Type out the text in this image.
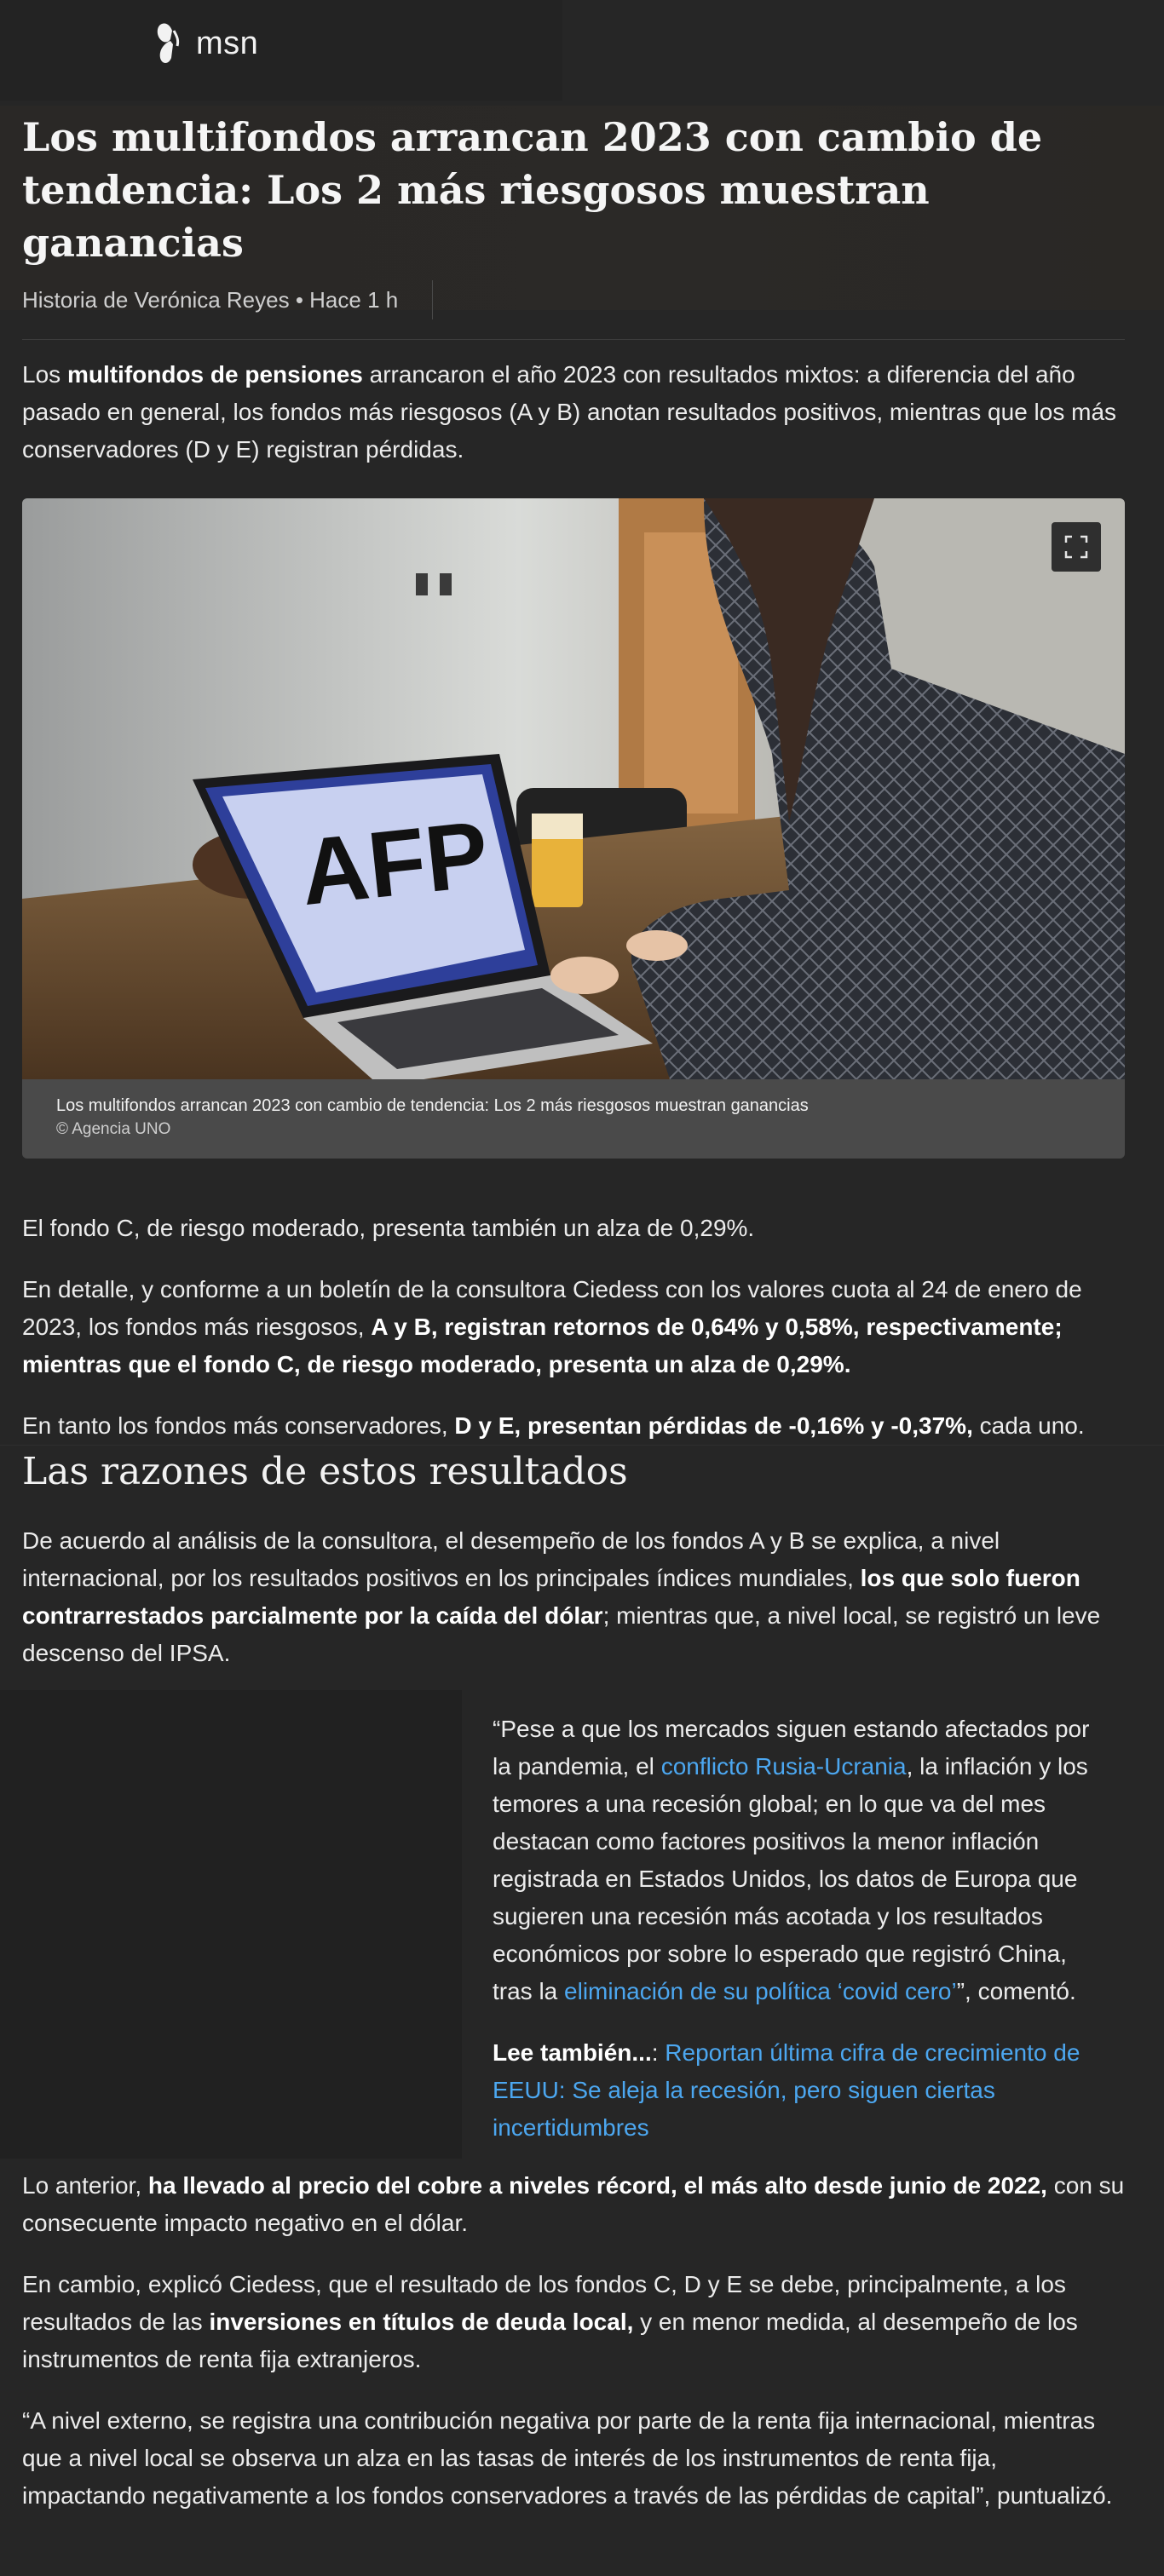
msn
Los multifondos arrancan 2023 con cambio de tendencia: Los 2 más riesgosos muestran ganancias
Historia de Verónica Reyes • Hace 1 h

Los multifondos de pensiones arrancaron el año 2023 con resultados mixtos: a diferencia del año pasado en general, los fondos más riesgosos (A y B) anotan resultados positivos, mientras que los más conservadores (D y E) registran pérdidas.

AFP
Los multifondos arrancan 2023 con cambio de tendencia: Los 2 más riesgosos muestran ganancias
© Agencia UNO

El fondo C, de riesgo moderado, presenta también un alza de 0,29%.

En detalle, y conforme a un boletín de la consultora Ciedess con los valores cuota al 24 de enero de 2023, los fondos más riesgosos, A y B, registran retornos de 0,64% y 0,58%, respectivamente; mientras que el fondo C, de riesgo moderado, presenta un alza de 0,29%.

En tanto los fondos más conservadores, D y E, presentan pérdidas de -0,16% y -0,37%, cada uno.

Las razones de estos resultados

De acuerdo al análisis de la consultora, el desempeño de los fondos A y B se explica, a nivel internacional, por los resultados positivos en los principales índices mundiales, los que solo fueron contrarrestados parcialmente por la caída del dólar; mientras que, a nivel local, se registró un leve descenso del IPSA.

“Pese a que los mercados siguen estando afectados por la pandemia, el conflicto Rusia-Ucrania, la inflación y los temores a una recesión global; en lo que va del mes destacan como factores positivos la menor inflación registrada en Estados Unidos, los datos de Europa que sugieren una recesión más acotada y los resultados económicos por sobre lo esperado que registró China, tras la eliminación de su política ‘covid cero’”, comentó.

Lee también...: Reportan última cifra de crecimiento de EEUU: Se aleja la recesión, pero siguen ciertas incertidumbres

Lo anterior, ha llevado al precio del cobre a niveles récord, el más alto desde junio de 2022, con su consecuente impacto negativo en el dólar.

En cambio, explicó Ciedess, que el resultado de los fondos C, D y E se debe, principalmente, a los resultados de las inversiones en títulos de deuda local, y en menor medida, al desempeño de los instrumentos de renta fija extranjeros.

“A nivel externo, se registra una contribución negativa por parte de la renta fija internacional, mientras que a nivel local se observa un alza en las tasas de interés de los instrumentos de renta fija, impactando negativamente a los fondos conservadores a través de las pérdidas de capital”, puntualizó.
